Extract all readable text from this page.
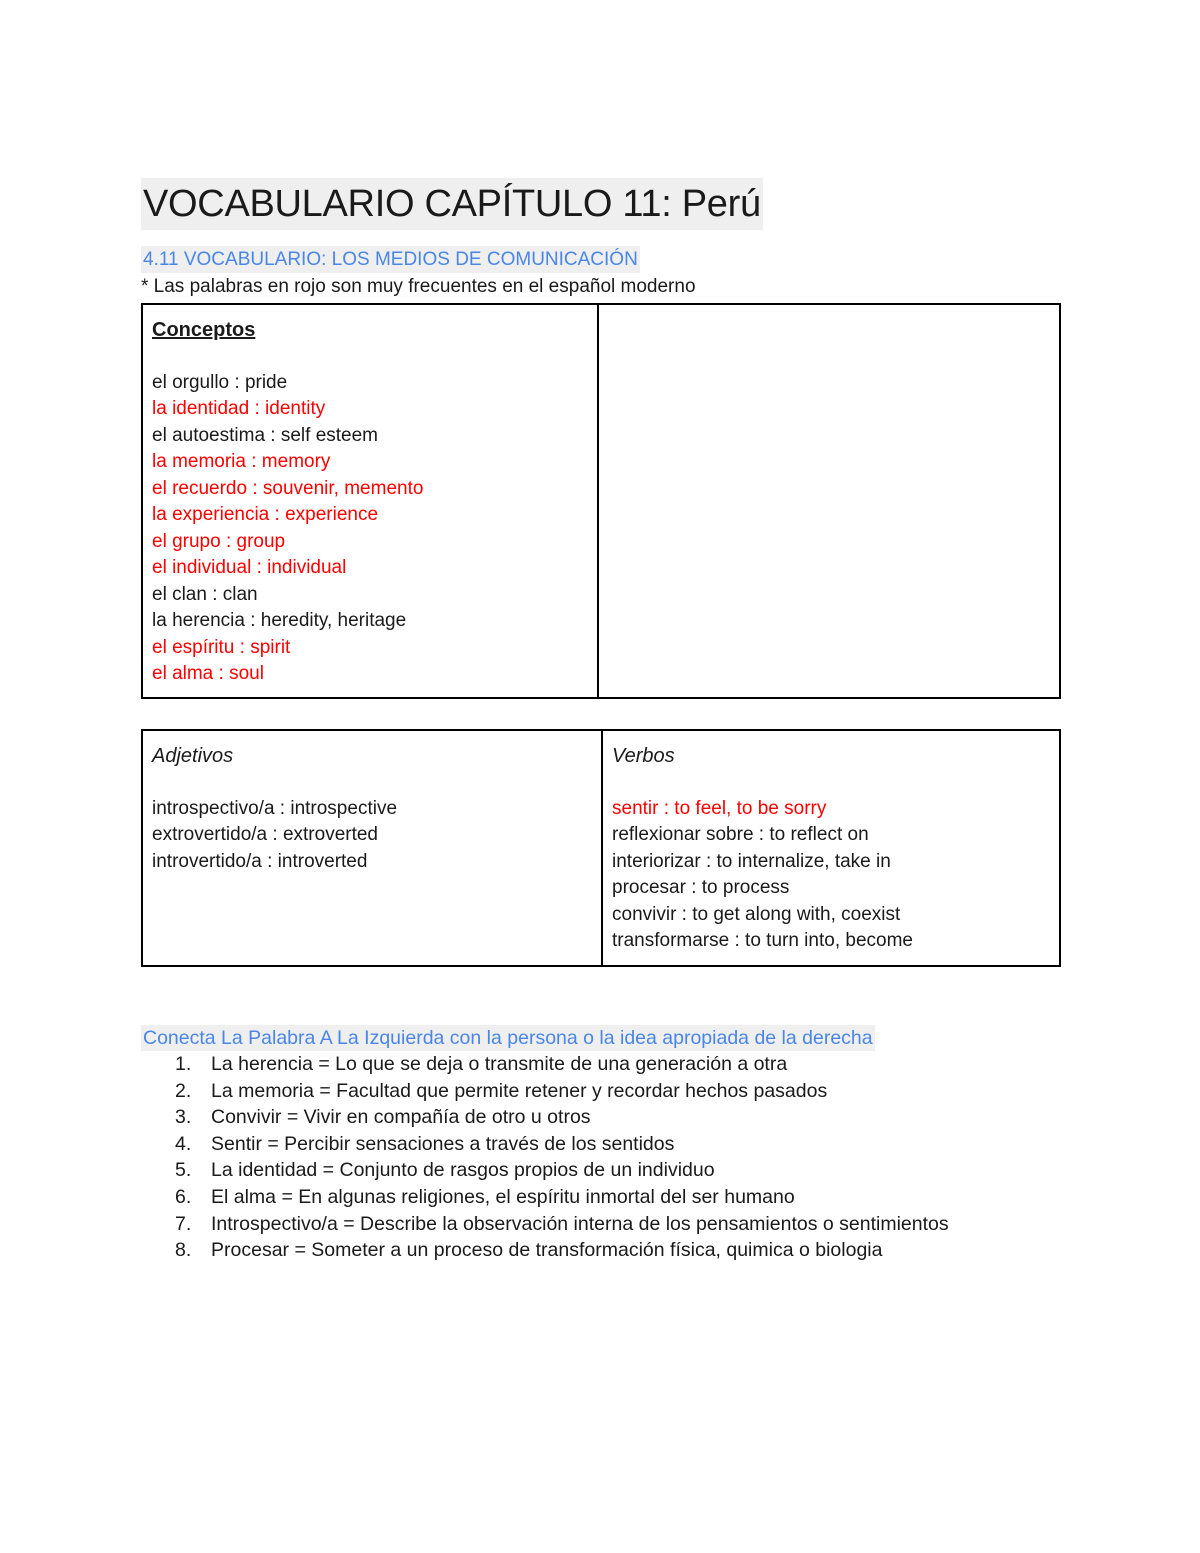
VOCABULARIO CAPÍTULO 11: Perú
4.11 VOCABULARIO: LOS MEDIOS DE COMUNICACIÓN

* Las palabras en rojo son muy frecuentes en el español moderno

Conceptos
el orgullo : pride
la identidad : identity
el autoestima : self esteem
la memoria : memory
el recuerdo : souvenir, memento
la experiencia : experience
el grupo : group
el individual : individual
el clan : clan
la herencia : heredity, heritage
el espíritu : spirit
el alma : soul

Adjetivos
introspectivo/a : introspective
extrovertido/a : extroverted
introvertido/a : introverted

Verbos
sentir : to feel, to be sorry
reflexionar sobre : to reflect on
interiorizar : to internalize, take in
procesar : to process
convivir : to get along with, coexist
transformarse : to turn into, become
Conecta La Palabra A La Izquierda con la persona o la idea apropiada de la derecha
1. La herencia = Lo que se deja o transmite de una generación a otra
2. La memoria = Facultad que permite retener y recordar hechos pasados
3. Convivir = Vivir en compañía de otro u otros
4. Sentir = Percibir sensaciones a través de los sentidos
5. La identidad = Conjunto de rasgos propios de un individuo
6. El alma = En algunas religiones, el espíritu inmortal del ser humano
7. Introspectivo/a = Describe la observación interna de los pensamientos o sentimientos
8. Procesar = Someter a un proceso de transformación física, quimica o biologia
